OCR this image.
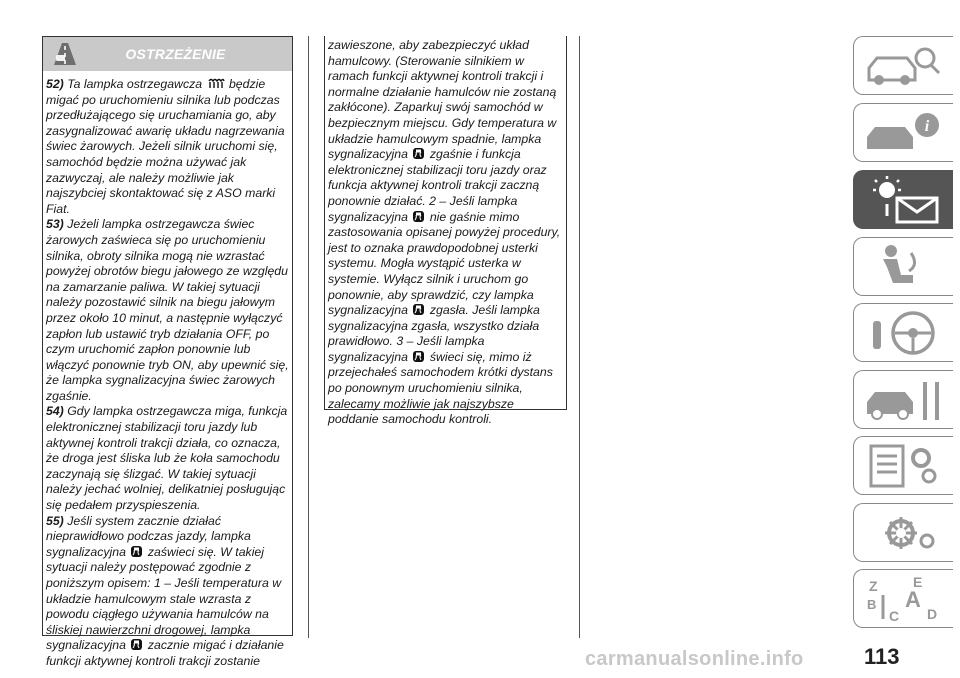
OSTRZEŻENIE

52) Ta lampka ostrzegawcza będzie migać po uruchomieniu silnika lub podczas przedłużającego się uruchamiania go, aby zasygnalizować awarię układu nagrzewania świec żarowych. Jeżeli silnik uruchomi się, samochód będzie można używać jak zazwyczaj, ale należy możliwie jak najszybciej skontaktować się z ASO marki Fiat.

53) Jeżeli lampka ostrzegawcza świec żarowych zaświeca się po uruchomieniu silnika, obroty silnika mogą nie wzrastać powyżej obrotów biegu jałowego ze względu na zamarzanie paliwa. W takiej sytuacji należy pozostawić silnik na biegu jałowym przez około 10 minut, a następnie wyłączyć zapłon lub ustawić tryb działania OFF, po czym uruchomić zapłon ponownie lub włączyć ponownie tryb ON, aby upewnić się, że lampka sygnalizacyjna świec żarowych zgaśnie.

54) Gdy lampka ostrzegawcza miga, funkcja elektronicznej stabilizacji toru jazdy lub aktywnej kontroli trakcji działa, co oznacza, że droga jest śliska lub że koła samochodu zaczynają się ślizgać. W takiej sytuacji należy jechać wolniej, delikatniej posługując się pedałem przyspieszenia.

55) Jeśli system zacznie działać nieprawidłowo podczas jazdy, lampka sygnalizacyjna zaświeci się. W takiej sytuacji należy postępować zgodnie z poniższym opisem: 1 – Jeśli temperatura w układzie hamulcowym stale wzrasta z powodu ciągłego używania hamulców na śliskiej nawierzchni drogowej, lampka sygnalizacyjna zacznie migać i działanie funkcji aktywnej kontroli trakcji zostanie

zawieszone, aby zabezpieczyć układ hamulcowy. (Sterowanie silnikiem w ramach funkcji aktywnej kontroli trakcji i normalne działanie hamulców nie zostaną zakłócone). Zaparkuj swój samochód w bezpiecznym miejscu. Gdy temperatura w układzie hamulcowym spadnie, lampka sygnalizacyjna zgaśnie i funkcja elektronicznej stabilizacji toru jazdy oraz funkcja aktywnej kontroli trakcji zaczną ponownie działać. 2 – Jeśli lampka sygnalizacyjna nie gaśnie mimo zastosowania opisanej powyżej procedury, jest to oznaka prawdopodobnej usterki systemu. Mogła wystąpić usterka w systemie. Wyłącz silnik i uruchom go ponownie, aby sprawdzić, czy lampka sygnalizacyjna zgasła. Jeśli lampka sygnalizacyjna zgasła, wszystko działa prawidłowo. 3 – Jeśli lampka sygnalizacyjna świeci się, mimo iż przejechałeś samochodem krótki dystans po ponownym uruchomieniu silnika, zalecamy możliwie jak najszybsze poddanie samochodu kontroli.

i
Z	E
B
C
A
D
113
carmanualsonline.info
